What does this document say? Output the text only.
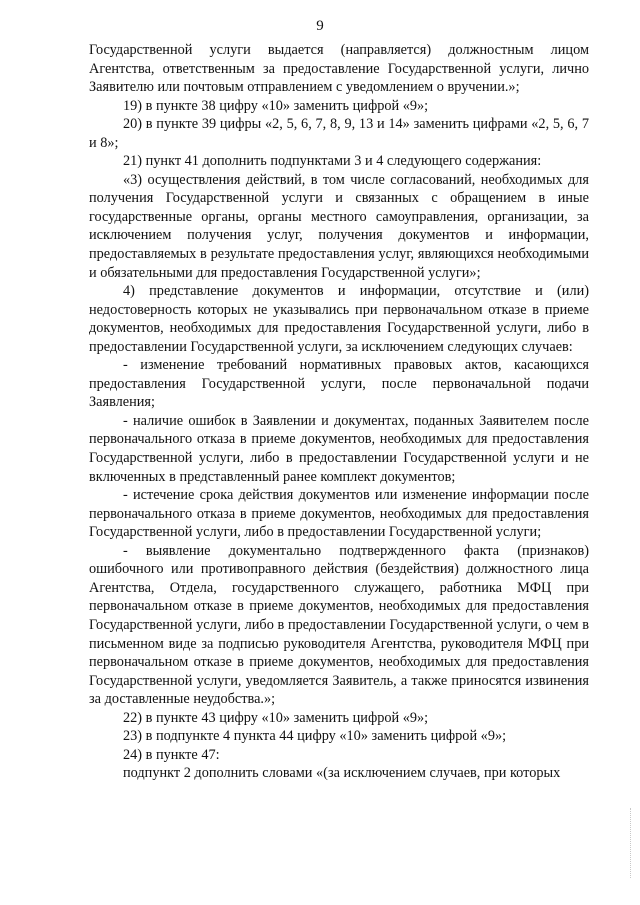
9

Государственной услуги выдается (направляется) должностным лицом Агентства, ответственным за предоставление Государственной услуги, лично Заявителю или почтовым отправлением с уведомлением о вручении.»;

19) в пункте 38 цифру «10» заменить цифрой «9»;

20) в пункте 39 цифры «2, 5, 6, 7, 8, 9, 13 и 14» заменить цифрами «2, 5, 6, 7 и 8»;

21) пункт 41 дополнить подпунктами 3 и 4 следующего содержания:

«3) осуществления действий, в том числе согласований, необходимых для получения Государственной услуги и связанных с обращением в иные государственные органы, органы местного самоуправления, организации, за исключением получения услуг, получения документов и информации, предоставляемых в результате предоставления услуг, являющихся необходимыми и обязательными для предоставления Государственной услуги»;

4) представление документов и информации, отсутствие и (или) недостоверность которых не указывались при первоначальном отказе в приеме документов, необходимых для предоставления Государственной услуги, либо в предоставлении Государственной услуги, за исключением следующих случаев:

- изменение требований нормативных правовых актов, касающихся предоставления Государственной услуги, после первоначальной подачи Заявления;

- наличие ошибок в Заявлении и документах, поданных Заявителем после первоначального отказа в приеме документов, необходимых для предоставления Государственной услуги, либо в предоставлении Государственной услуги и не включенных в представленный ранее комплект документов;

- истечение срока действия документов или изменение информации после первоначального отказа в приеме документов, необходимых для предоставления Государственной услуги, либо в предоставлении Государственной услуги;

- выявление документально подтвержденного факта (признаков) ошибочного или противоправного действия (бездействия) должностного лица Агентства, Отдела, государственного служащего, работника МФЦ при первоначальном отказе в приеме документов, необходимых для предоставления Государственной услуги, либо в предоставлении Государственной услуги, о чем в письменном виде за подписью руководителя Агентства, руководителя МФЦ при первоначальном отказе в приеме документов, необходимых для предоставления Государственной услуги, уведомляется Заявитель, а также приносятся извинения за доставленные неудобства.»;

22) в пункте 43 цифру «10» заменить цифрой «9»;

23) в подпункте 4 пункта 44 цифру «10» заменить цифрой «9»;

24) в пункте 47:

подпункт 2 дополнить словами «(за исключением случаев, при которых
